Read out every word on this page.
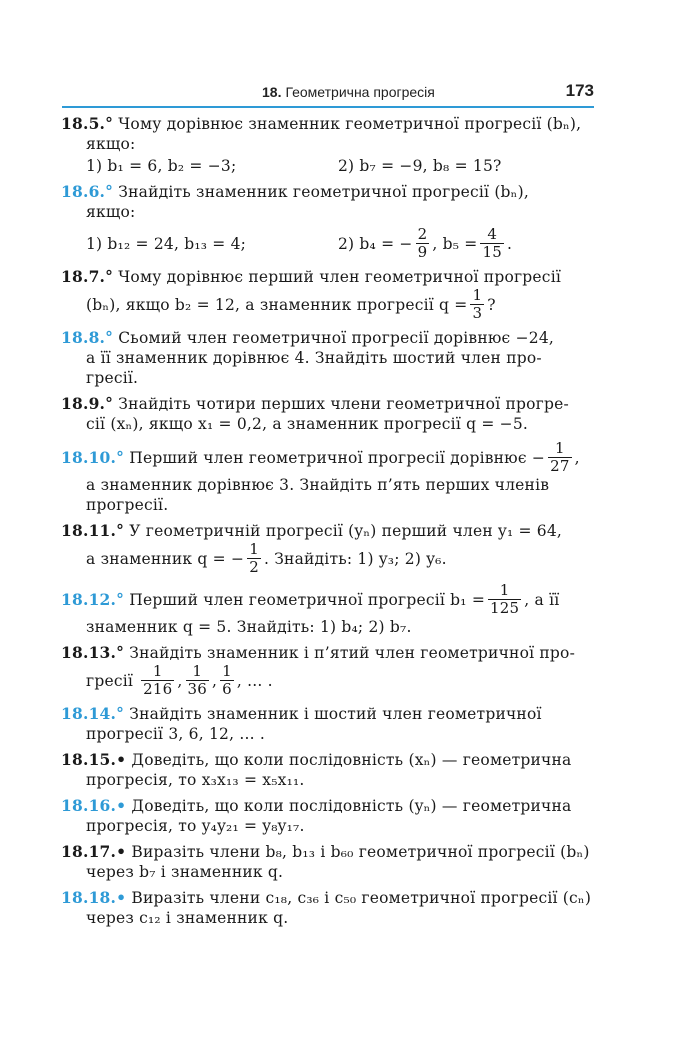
18. Геометрична прогресія	173
18.5.° Чому дорівнює знаменник геометричної прогресії (bₙ),
якщо:
1) b₁ = 6, b₂ = −3;	2) b₇ = −9, b₈ = 15?
18.6.° Знайдіть знаменник геометричної прогресії (bₙ),
якщо:
1) b₁₂ = 24, b₁₃ = 4;	2) b₄ = − $\frac{2}{9}$ , $b_5 = \frac{4}{15}$ .
18.7.° Чому дорівнює перший член геометричної прогресії
(bₙ), якщо b₂ = 12, а знаменник прогресії $q = \frac{1}{3}$ ?
18.8.° Сьомий член геометричної прогресії дорівнює −24,
а її знаменник дорівнює 4. Знайдіть шостий член про-
гресії.
18.9.° Знайдіть чотири перших члени геометричної прогре-
сії (xₙ), якщо x₁ = 0,2, а знаменник прогресії q = −5.
18.10.°
Перший член геометричної прогресії дорівнює − $\frac{1}{27}$ ,
а знаменник дорівнює 3. Знайдіть п’ять перших членів
прогресії.
18.11.° У геометричній прогресії (yₙ) перший член y₁ = 64,
а знаменник q = − $\frac{1}{2}$ . Знайдіть: 1) y₃; 2) y₆.
18.12.°
Перший член геометричної прогресії $b_1 = \frac{1}{125}$ , а її
знаменник q = 5. Знайдіть: 1) b₄; 2) b₇.
18.13.° Знайдіть знаменник і п’ятий член геометричної про-
гресії
$\frac{1}{216}$ , $\frac{1}{36}$ , $\frac{1}{6}$ , ... .
18.14.° Знайдіть знаменник і шостий член геометричної
прогресії 3, 6, 12, ... .
18.15.• Доведіть, що коли послідовність (xₙ) — геометрична
прогресія, то x₃x₁₃ = x₅x₁₁.
18.16.• Доведіть, що коли послідовність (yₙ) — геометрична
прогресія, то y₄y₂₁ = y₈y₁₇.
18.17.• Виразіть члени b₈, b₁₃ і b₆₀ геометричної прогресії (bₙ)
через b₇ і знаменник q.
18.18.• Виразіть члени c₁₈, c₃₆ і c₅₀ геометричної прогресії (cₙ)
через c₁₂ і знаменник q.
